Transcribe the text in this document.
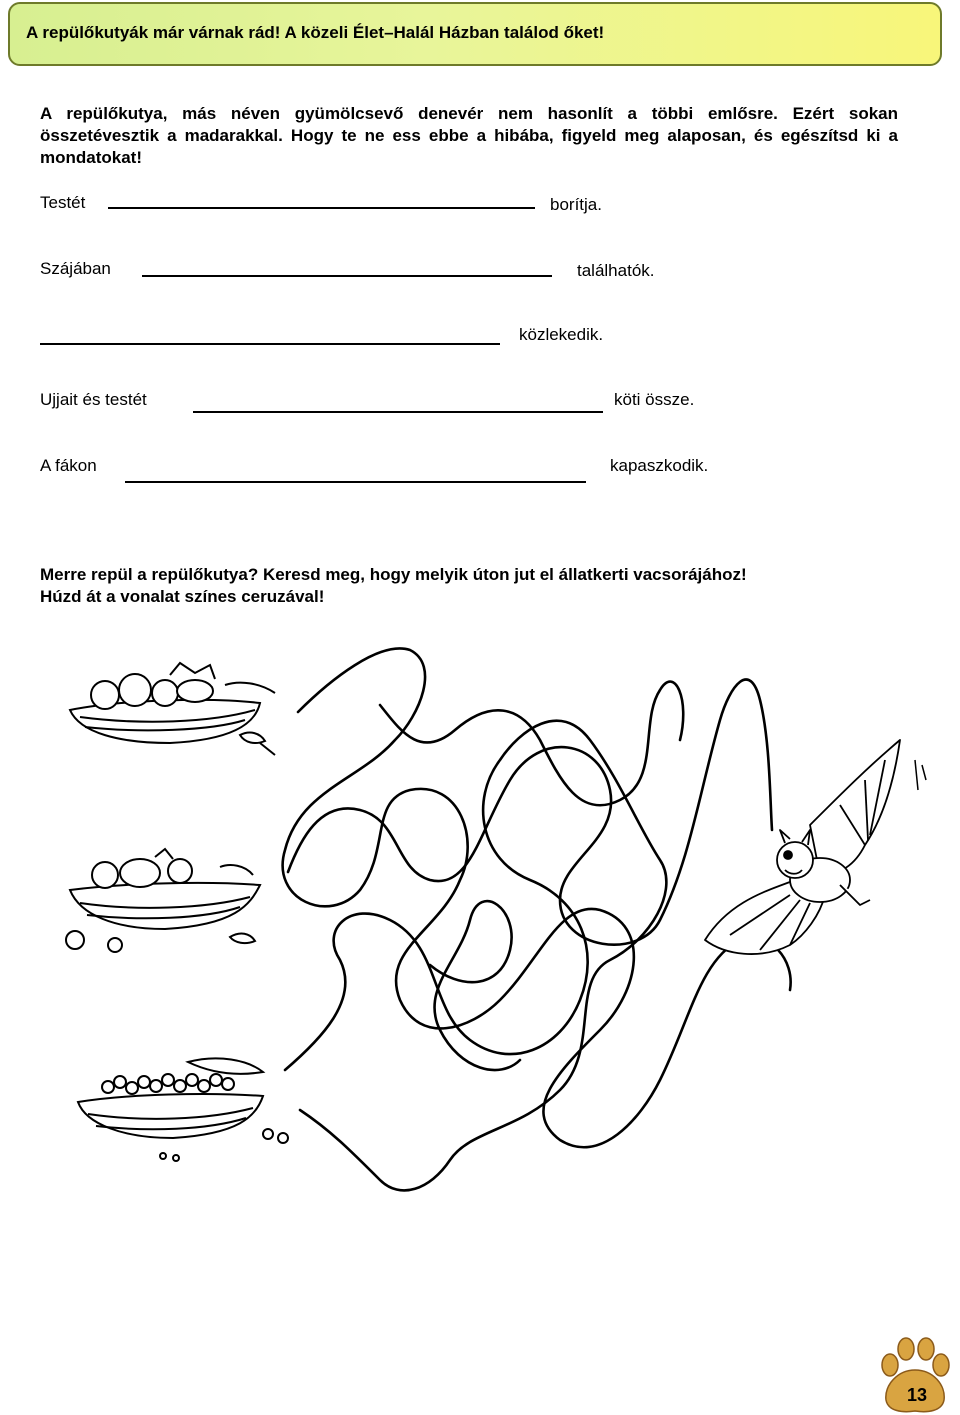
A repülőkutyák már várnak rád! A közeli Élet–Halál Házban találod őket!
A repülőkutya, más néven gyümölcsevő denevér nem hasonlít a többi emlősre. Ezért sokan összetévesztik a madarakkal. Hogy te ne ess ebbe a hibába, figyeld meg alaposan, és egészítsd ki a mondatokat!
Testét	borítja.
Szájában	találhatók.
közlekedik.
Ujjait és testét	köti össze.
A fákon	kapaszkodik.
Merre repül a repülőkutya? Keresd meg, hogy melyik úton jut el állatkerti vacsorájához!
Húzd át a vonalat színes ceruzával!
13
